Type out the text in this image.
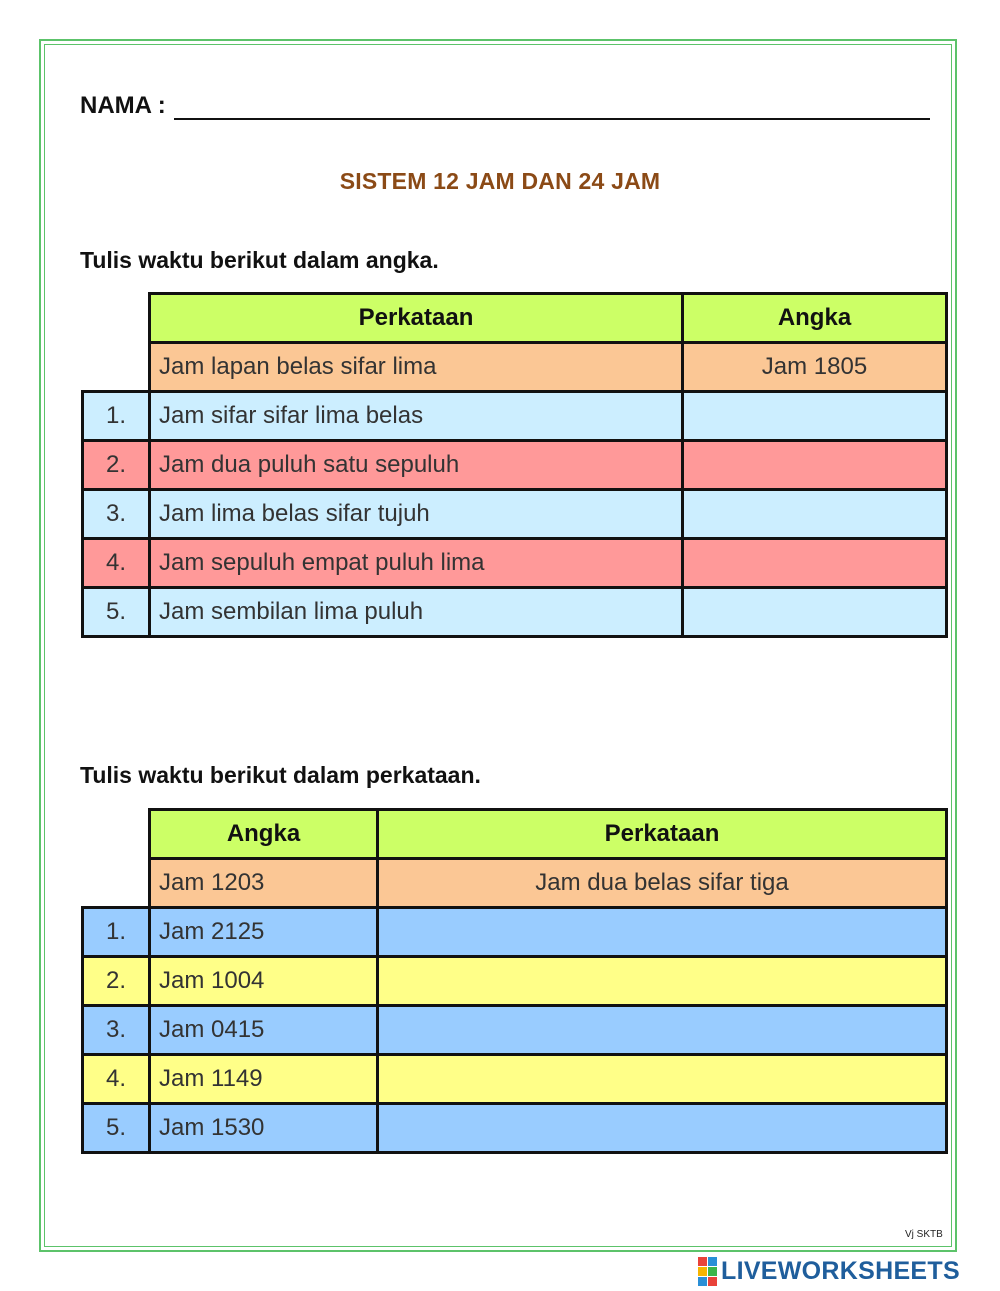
NAMA :
SISTEM 12 JAM DAN 24 JAM
Tulis waktu berikut dalam angka.
	Perkataan	Angka
	Jam lapan belas sifar lima	Jam 1805
1.	Jam sifar sifar lima belas	
2.	Jam dua puluh satu sepuluh	
3.	Jam lima belas sifar tujuh	
4.	Jam sepuluh empat puluh lima	
5.	Jam sembilan lima puluh	
Tulis waktu berikut dalam perkataan.
	Angka	Perkataan
	Jam 1203	Jam dua belas sifar tiga
1.	Jam 2125	
2.	Jam 1004	
3.	Jam 0415	
4.	Jam 1149	
5.	Jam 1530	
Vj SKTB
LIVEWORKSHEETS
